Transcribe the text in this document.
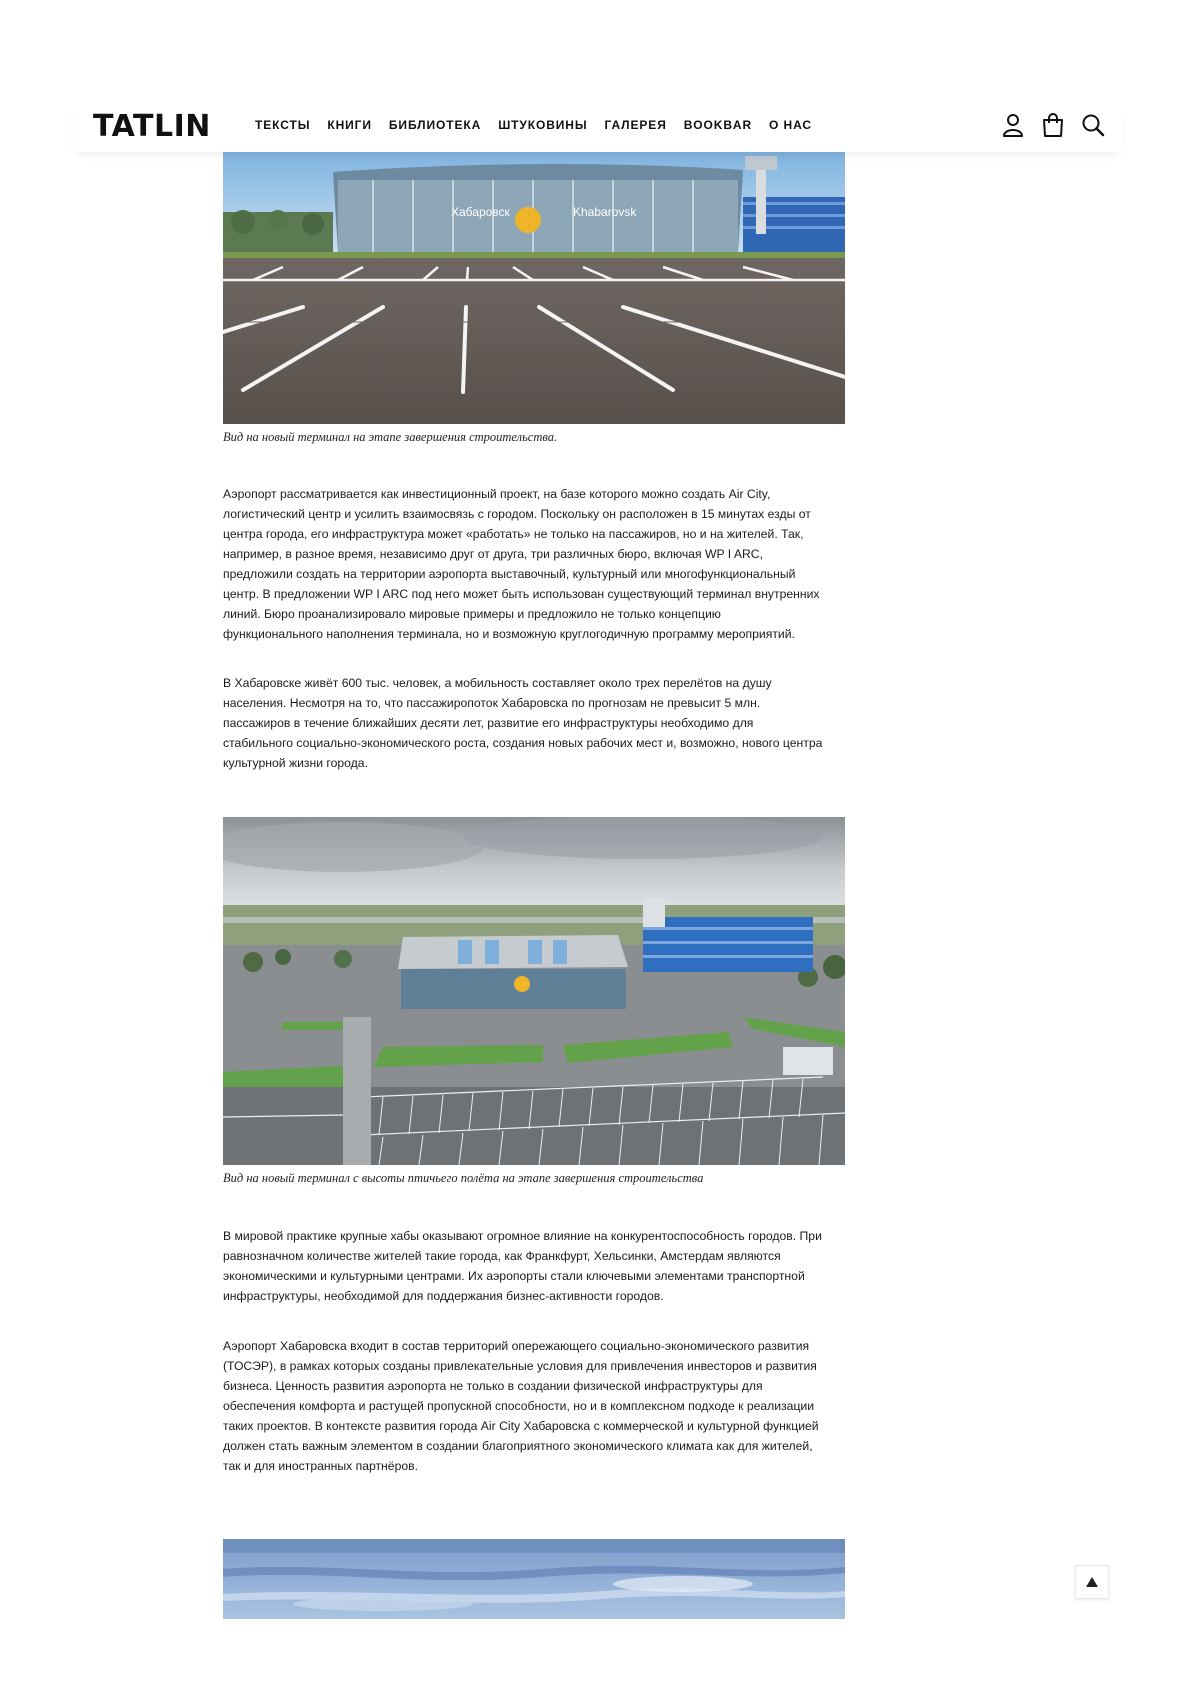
TATLIN	ТЕКСТЫ КНИГИ БИБЛИОТЕКА ШТУКОВИНЫ ГАЛЕРЕЯ BOOKBAR О НАС
Хабаровск	Khabarovsk
Вид на новый терминал на этапе завершения строительства.

Аэропорт рассматривается как инвестиционный проект, на базе которого можно создать Air City, логистический центр и усилить взаимосвязь с городом. Поскольку он расположен в 15 минутах езды от центра города, его инфраструктура может «работать» не только на пассажиров, но и на жителей. Так, например, в разное время, независимо друг от друга, три различных бюро, включая WP I ARC, предложили создать на территории аэропорта выставочный, культурный или многофункциональный центр. В предложении WP I ARC под него может быть использован существующий терминал внутренних линий. Бюро проанализировало мировые примеры и предложило не только концепцию функционального наполнения терминала, но и возможную круглогодичную программу мероприятий.

В Хабаровске живёт 600 тыс. человек, а мобильность составляет около трех перелётов на душу населения. Несмотря на то, что пассажиропоток Хабаровска по прогнозам не превысит 5 млн. пассажиров в течение ближайших десяти лет, развитие его инфраструктуры необходимо для стабильного социально-экономического роста, создания новых рабочих мест и, возможно, нового центра культурной жизни города.

Вид на новый терминал с высоты птичьего полёта на этапе завершения строительства

В мировой практике крупные хабы оказывают огромное влияние на конкурентоспособность городов. При равнозначном количестве жителей такие города, как Франкфурт, Хельсинки, Амстердам являются экономическими и культурными центрами. Их аэропорты стали ключевыми элементами транспортной инфраструктуры, необходимой для поддержания бизнес-активности городов.

Аэропорт Хабаровска входит в состав территорий опережающего социально-экономического развития (ТОСЭР), в рамках которых созданы привлекательные условия для привлечения инвесторов и развития бизнеса. Ценность развития аэропорта не только в создании физической инфраструктуры для обеспечения комфорта и растущей пропускной способности, но и в комплексном подходе к реализации таких проектов. В контексте развития города Air City Хабаровска с коммерческой и культурной функцией должен стать важным элементом в создании благоприятного экономического климата как для жителей, так и для иностранных партнёров.
